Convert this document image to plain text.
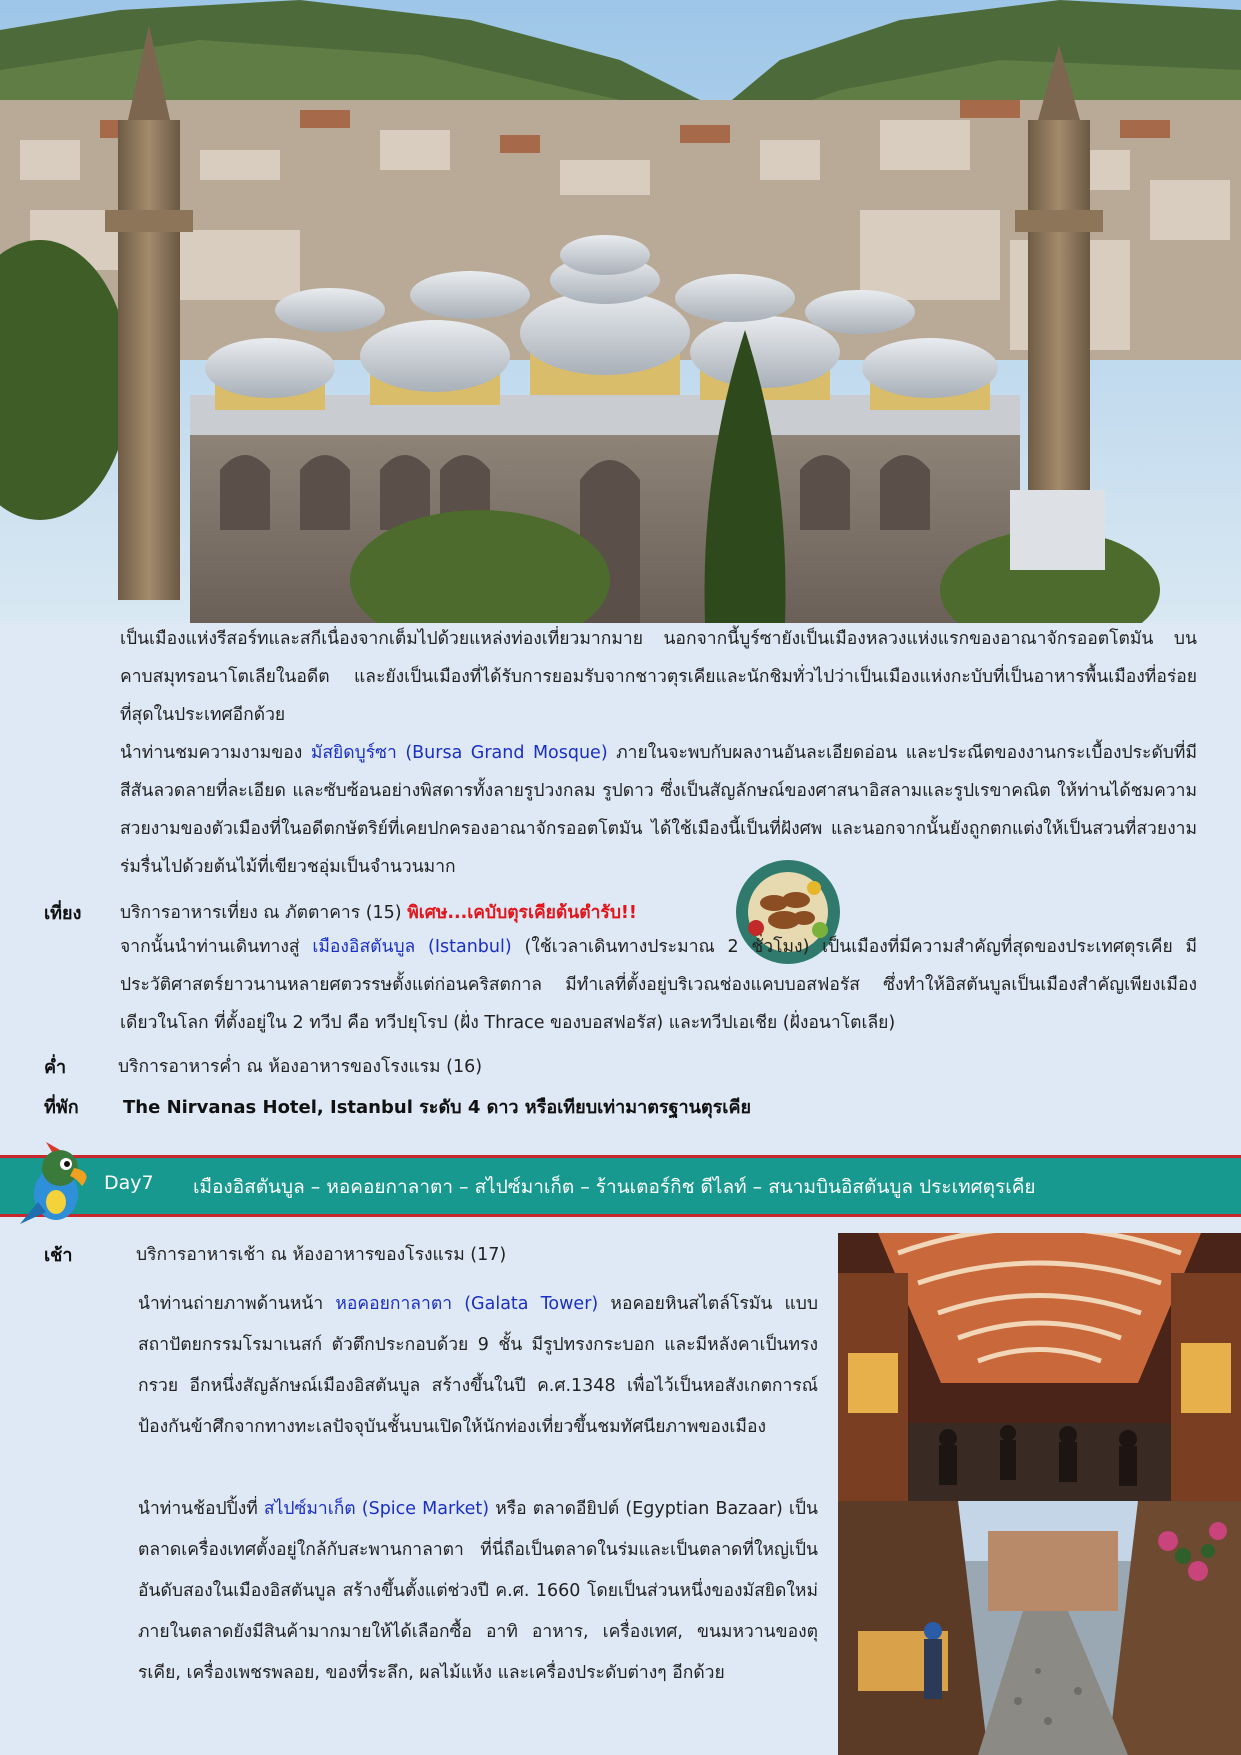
เป็นเมืองแห่งรีสอร์ทและสกีเนื่องจากเต็มไปด้วยแหล่งท่องเที่ยวมากมาย นอกจากนี้บูร์ซายังเป็นเมืองหลวงแห่งแรกของอาณาจักรออตโตมัน บนคาบสมุทรอนาโตเลียในอดีต และยังเป็นเมืองที่ได้รับการยอมรับจากชาวตุรเคียและนักชิมทั่วไปว่าเป็นเมืองแห่งกะบับที่เป็นอาหารพื้นเมืองที่อร่อยที่สุดในประเทศอีกด้วย

นำท่านชมความงามของ มัสยิดบูร์ซา (Bursa Grand Mosque) ภายในจะพบกับผลงานอันละเอียดอ่อน และประณีตของงานกระเบื้องประดับที่มีสีสันลวดลายที่ละเอียด และซับซ้อนอย่างพิสดารทั้งลายรูปวงกลม รูปดาว ซึ่งเป็นสัญลักษณ์ของศาสนาอิสลามและรูปเรขาคณิต ให้ท่านได้ชมความสวยงามของตัวเมืองที่ในอดีตกษัตริย์ที่เคยปกครองอาณาจักรออตโตมัน ได้ใช้เมืองนี้เป็นที่ฝังศพ และนอกจากนั้นยังถูกตกแต่งให้เป็นสวนที่สวยงาม ร่มรื่นไปด้วยต้นไม้ที่เขียวชอุ่มเป็นจำนวนมาก

เที่ยง บริการอาหารเที่ยง ณ ภัตตาคาร (15) พิเศษ...เคบับตุรเคียต้นตำรับ!!

จากนั้นนำท่านเดินทางสู่ เมืองอิสตันบูล (Istanbul) (ใช้เวลาเดินทางประมาณ 2 ชั่วโมง) เป็นเมืองที่มีความสำคัญที่สุดของประเทศตุรเคีย มีประวัติศาสตร์ยาวนานหลายศตวรรษตั้งแต่ก่อนคริสตกาล มีทำเลที่ตั้งอยู่บริเวณช่องแคบบอสฟอรัส ซึ่งทำให้อิสตันบูลเป็นเมืองสำคัญเพียงเมืองเดียวในโลก ที่ตั้งอยู่ใน 2 ทวีป คือ ทวีปยุโรป (ฝั่ง Thrace ของบอสฟอรัส) และทวีปเอเชีย (ฝั่งอนาโตเลีย)

ค่ำ	บริการอาหารค่ำ ณ ห้องอาหารของโรงแรม (16)
ที่พัก The Nirvanas Hotel, Istanbul ระดับ 4 ดาว หรือเทียบเท่ามาตรฐานตุรเคีย
Day7 เมืองอิสตันบูล – หอคอยกาลาตา – สไปซ์มาเก็ต – ร้านเตอร์กิช ดีไลท์ – สนามบินอิสตันบูล ประเทศตุรเคีย
เช้า	บริการอาหารเช้า ณ ห้องอาหารของโรงแรม (17)

นำท่านถ่ายภาพด้านหน้า หอคอยกาลาตา (Galata Tower) หอคอยหินสไตล์โรมัน แบบสถาปัตยกรรมโรมาเนสก์ ตัวตึกประกอบด้วย 9 ชั้น มีรูปทรงกระบอก และมีหลังคาเป็นทรงกรวย อีกหนึ่งสัญลักษณ์เมืองอิสตันบูล สร้างขึ้นในปี ค.ศ.1348 เพื่อไว้เป็นหอสังเกตการณ์ป้องกันข้าศึกจากทางทะเลปัจจุบันชั้นบนเปิดให้นักท่องเที่ยวขึ้นชมทัศนียภาพของเมือง

นำท่านช้อปปิ้งที่ สไปซ์มาเก็ต (Spice Market) หรือ ตลาดอียิปต์ (Egyptian Bazaar) เป็นตลาดเครื่องเทศตั้งอยู่ใกล้กับสะพานกาลาตา ที่นี่ถือเป็นตลาดในร่มและเป็นตลาดที่ใหญ่เป็นอันดับสองในเมืองอิสตันบูล สร้างขึ้นตั้งแต่ช่วงปี ค.ศ. 1660 โดยเป็นส่วนหนึ่งของมัสยิดใหม่ ภายในตลาดยังมีสินค้ามากมายให้ได้เลือกซื้อ อาทิ อาหาร, เครื่องเทศ, ขนมหวานของตุรเคีย, เครื่องเพชรพลอย, ของที่ระลึก, ผลไม้แห้ง และเครื่องประดับต่างๆ อีกด้วย
